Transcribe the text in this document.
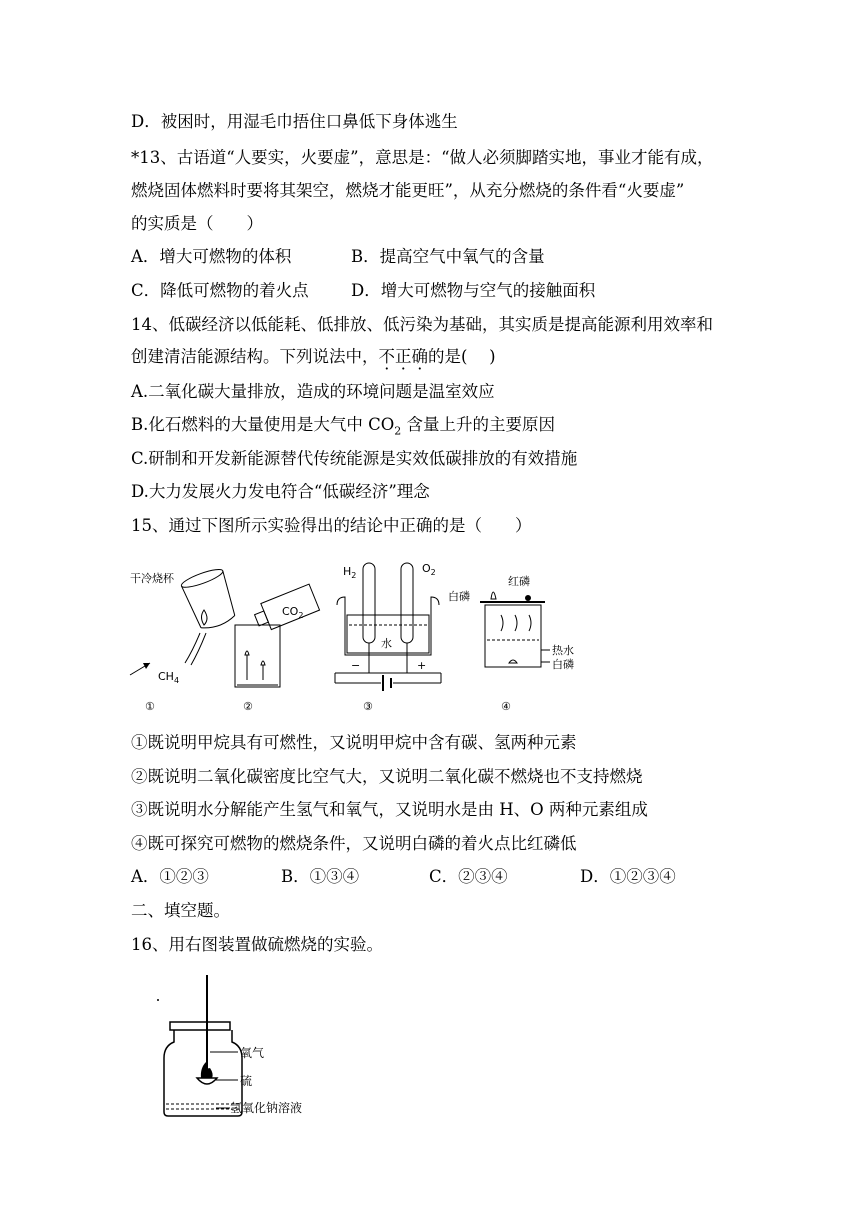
D．被困时，用湿毛巾捂住口鼻低下身体逃生
*13、古语道“人要实，火要虚”，意思是：“做人必须脚踏实地，事业才能有成，
燃烧固体燃料时要将其架空，燃烧才能更旺”，从充分燃烧的条件看“火要虚”
的实质是（　　）
A．增大可燃物的体积	B．提高空气中氧气的含量
C．降低可燃物的着火点	D．增大可燃物与空气的接触面积
14、低碳经济以低能耗、低排放、低污染为基础，其实质是提高能源利用效率和
创建清洁能源结构。下列说法中，不正确的是(　 )
A.二氧化碳大量排放，造成的环境问题是温室效应
B.化石燃料的大量使用是大气中 $CO_2$ 含量上升的主要原因
C.研制和开发新能源替代传统能源是实效低碳排放的有效措施
D.大力发展火力发电符合“低碳经济”理念
15、通过下图所示实验得出的结论中正确的是（　　）
干冷烧杯
$CH_4$
①
$CO_2$
②
$H_2$
$O_2$
水
−	+
③
红磷
白磷
热水
白磷
④
①既说明甲烷具有可燃性，又说明甲烷中含有碳、氢两种元素
②既说明二氧化碳密度比空气大，又说明二氧化碳不燃烧也不支持燃烧
③既说明水分解能产生氢气和氧气，又说明水是由 H、O 两种元素组成
④既可探究可燃物的燃烧条件，又说明白磷的着火点比红磷低
A．①②③	B．①③④	C．②③④	D．①②③④
二、填空题。
16、用右图装置做硫燃烧的实验。
氧气
硫
氢氧化钠溶液
